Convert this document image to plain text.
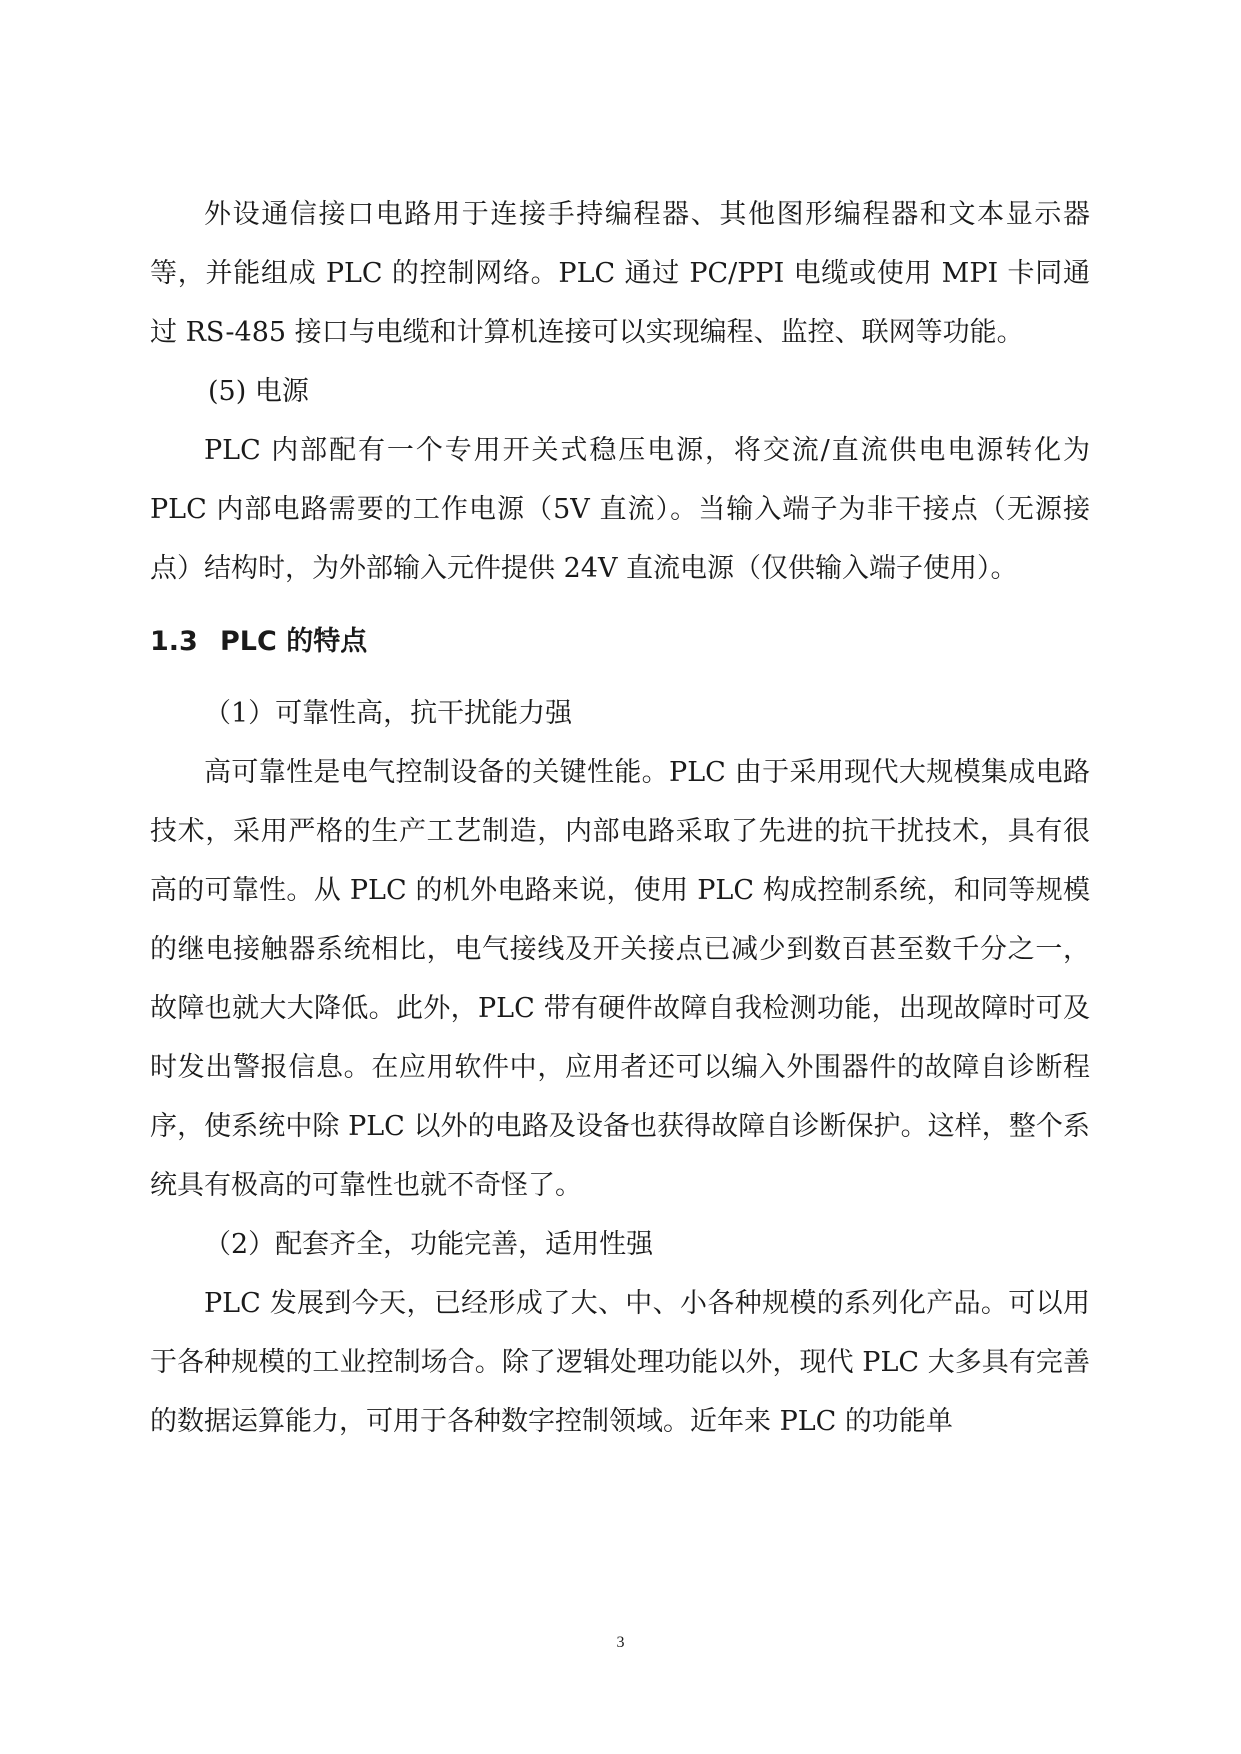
外设通信接口电路用于连接手持编程器、其他图形编程器和文本显示器等，并能组成 PLC 的控制网络。PLC 通过 PC/PPI 电缆或使用 MPI 卡同通过 RS-485 接口与电缆和计算机连接可以实现编程、监控、联网等功能。

(5) 电源

PLC 内部配有一个专用开关式稳压电源，将交流/直流供电电源转化为 PLC 内部电路需要的工作电源（5V 直流）。当输入端子为非干接点（无源接点）结构时，为外部输入元件提供 24V 直流电源（仅供输入端子使用）。

1.3 PLC 的特点

（1）可靠性高，抗干扰能力强

高可靠性是电气控制设备的关键性能。PLC 由于采用现代大规模集成电路技术，采用严格的生产工艺制造，内部电路采取了先进的抗干扰技术，具有很高的可靠性。从 PLC 的机外电路来说，使用 PLC 构成控制系统，和同等规模的继电接触器系统相比，电气接线及开关接点已减少到数百甚至数千分之一，故障也就大大降低。此外，PLC 带有硬件故障自我检测功能，出现故障时可及时发出警报信息。在应用软件中，应用者还可以编入外围器件的故障自诊断程序，使系统中除 PLC 以外的电路及设备也获得故障自诊断保护。这样，整个系统具有极高的可靠性也就不奇怪了。

（2）配套齐全，功能完善，适用性强

PLC 发展到今天，已经形成了大、中、小各种规模的系列化产品。可以用于各种规模的工业控制场合。除了逻辑处理功能以外，现代 PLC 大多具有完善的数据运算能力，可用于各种数字控制领域。近年来 PLC 的功能单

3
